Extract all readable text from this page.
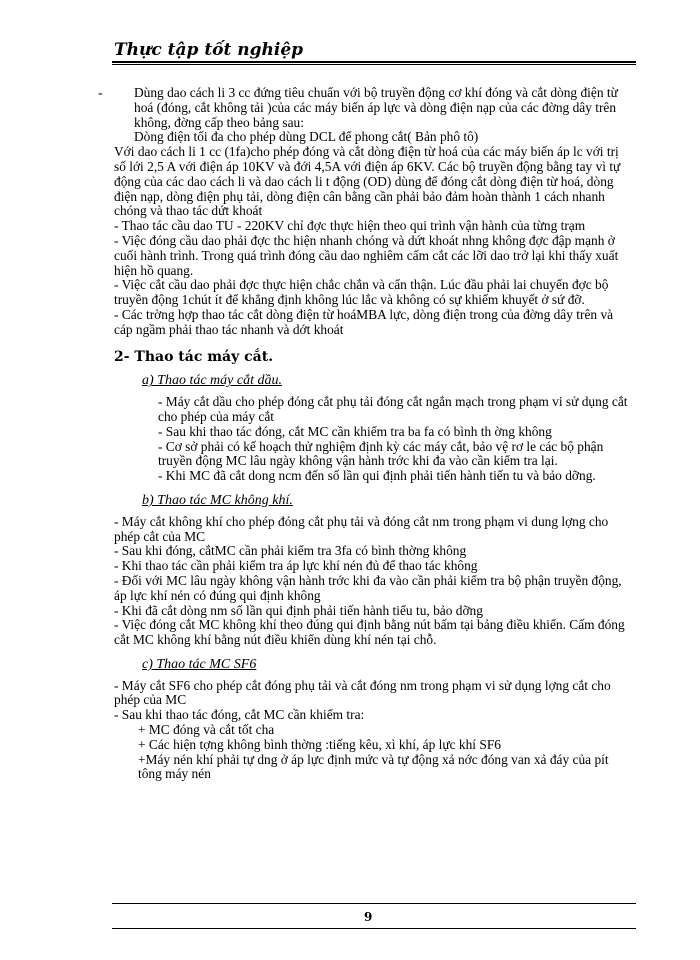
Thực tập tốt nghiệp
-	Dùng dao cách li 3 cc đứng tiêu chuẩn với bộ truyền động cơ khí đóng và cắt dòng điện từ hoá (đóng, cắt không tải )của các máy biến áp lực và dòng điện nạp của các đờng dây trên không, đờng cấp theo bảng sau:

Dòng điện tối đa cho phép dùng DCL để phong cắt( Bản phô tô)

Với dao cách li 1 cc (1fa)cho phép đóng và cắt dòng điện từ hoá của các máy biến áp lc với trị số lới 2,5 A với điện áp 10KV và đới 4,5A với điện áp 6KV. Các bộ truyền động bằng tay vì tự động của các dao cách li và dao cách li t động (OD) dùng để đóng cắt dòng điện từ hoá, dòng điện nạp, dòng điện phụ tải, dòng điện cân bằng cần phải bảo đảm hoàn thành 1 cách nhanh chóng và thao tác dứt khoát

- Thao tác cầu dao TU - 220KV chỉ đợc thực hiện theo qui trình vận hành của từng trạm

- Việc đóng cầu dao phải đợc thc hiện nhanh chóng và dứt khoát nhng không đợc đập mạnh ở cuối hành trình. Trong quá trình đóng cầu dao nghiêm cấm cắt các lỡi dao trở lại khi thấy xuất hiện hồ quang.

- Việc cắt cầu dao phải đợc thực hiện chắc chắn và cẩn thận. Lúc đầu phải lai chuyển đợc bộ truyền động 1chút ít để khẳng định không lúc lắc và không có sự khiếm khuyết ở sứ đỡ.

- Các trờng hợp thao tác cắt dòng điện từ hoáMBA lực, dòng điện trong của đờng dây trên và cáp ngầm phải thao tác nhanh và dớt khoát

2- Thao tác máy cắt.

a) Thao tác máy cắt dầu.

- Máy cắt dầu cho phép đóng cắt phụ tải đóng cắt ngắn mạch trong phạm vi sử dụng cắt cho phép của máy cắt

- Sau khi thao tác đóng, cắt MC cần khiểm tra ba fa có bình th ờng không

- Cơ sở phải có kế hoạch thử nghiệm định kỳ các máy cắt, bảo vệ rơ le các bộ phận truyền động MC lâu ngày không vận hành trớc khi đa vào cần kiểm tra lại.

- Khi MC đã cắt dong ncm đến số lần qui định phải tiến hành tiến tu và bảo dỡng.

b) Thao tác MC không khí.

- Máy cắt không khí cho phép đóng cắt phụ tải và đóng cắt nm trong phạm vi dung lợng cho phép cắt của MC

- Sau khi đóng, cắtMC cần phải kiểm tra 3fa có bình thờng không

- Khi thao tác cần phải kiểm tra áp lực khí nén đủ để thao tác không

- Đối với MC lâu ngày không vận hành trớc khi đa vào cần phải kiểm tra bộ phận truyền động, áp lực khí nén có đúng qui định không

- Khi đã cắt dòng nm số lần qui định phải tiến hành tiểu tu, bảo dỡng

- Việc đóng cắt MC không khí theo đúng qui định bằng nút bấm tại bảng điều khiển. Cấm đóng cắt MC không khí bằng nút điều khiển dùng khí nén tại chỗ.

c) Thao tác MC SF6

- Máy cắt SF6 cho phép cắt đóng phụ tải và cắt đóng nm trong phạm vi sử dụng lợng cắt cho phép của MC

- Sau khi thao tác đóng, cắt MC cần khiểm tra:

+ MC đóng và cắt tốt cha

+ Các hiện tợng không bình thờng :tiếng kêu, xì khí, áp lực khí SF6

+Máy nén khí phải tự dng ở áp lực định mức và tự động xả nớc đóng van xả đáy của pít tông máy nén

9
